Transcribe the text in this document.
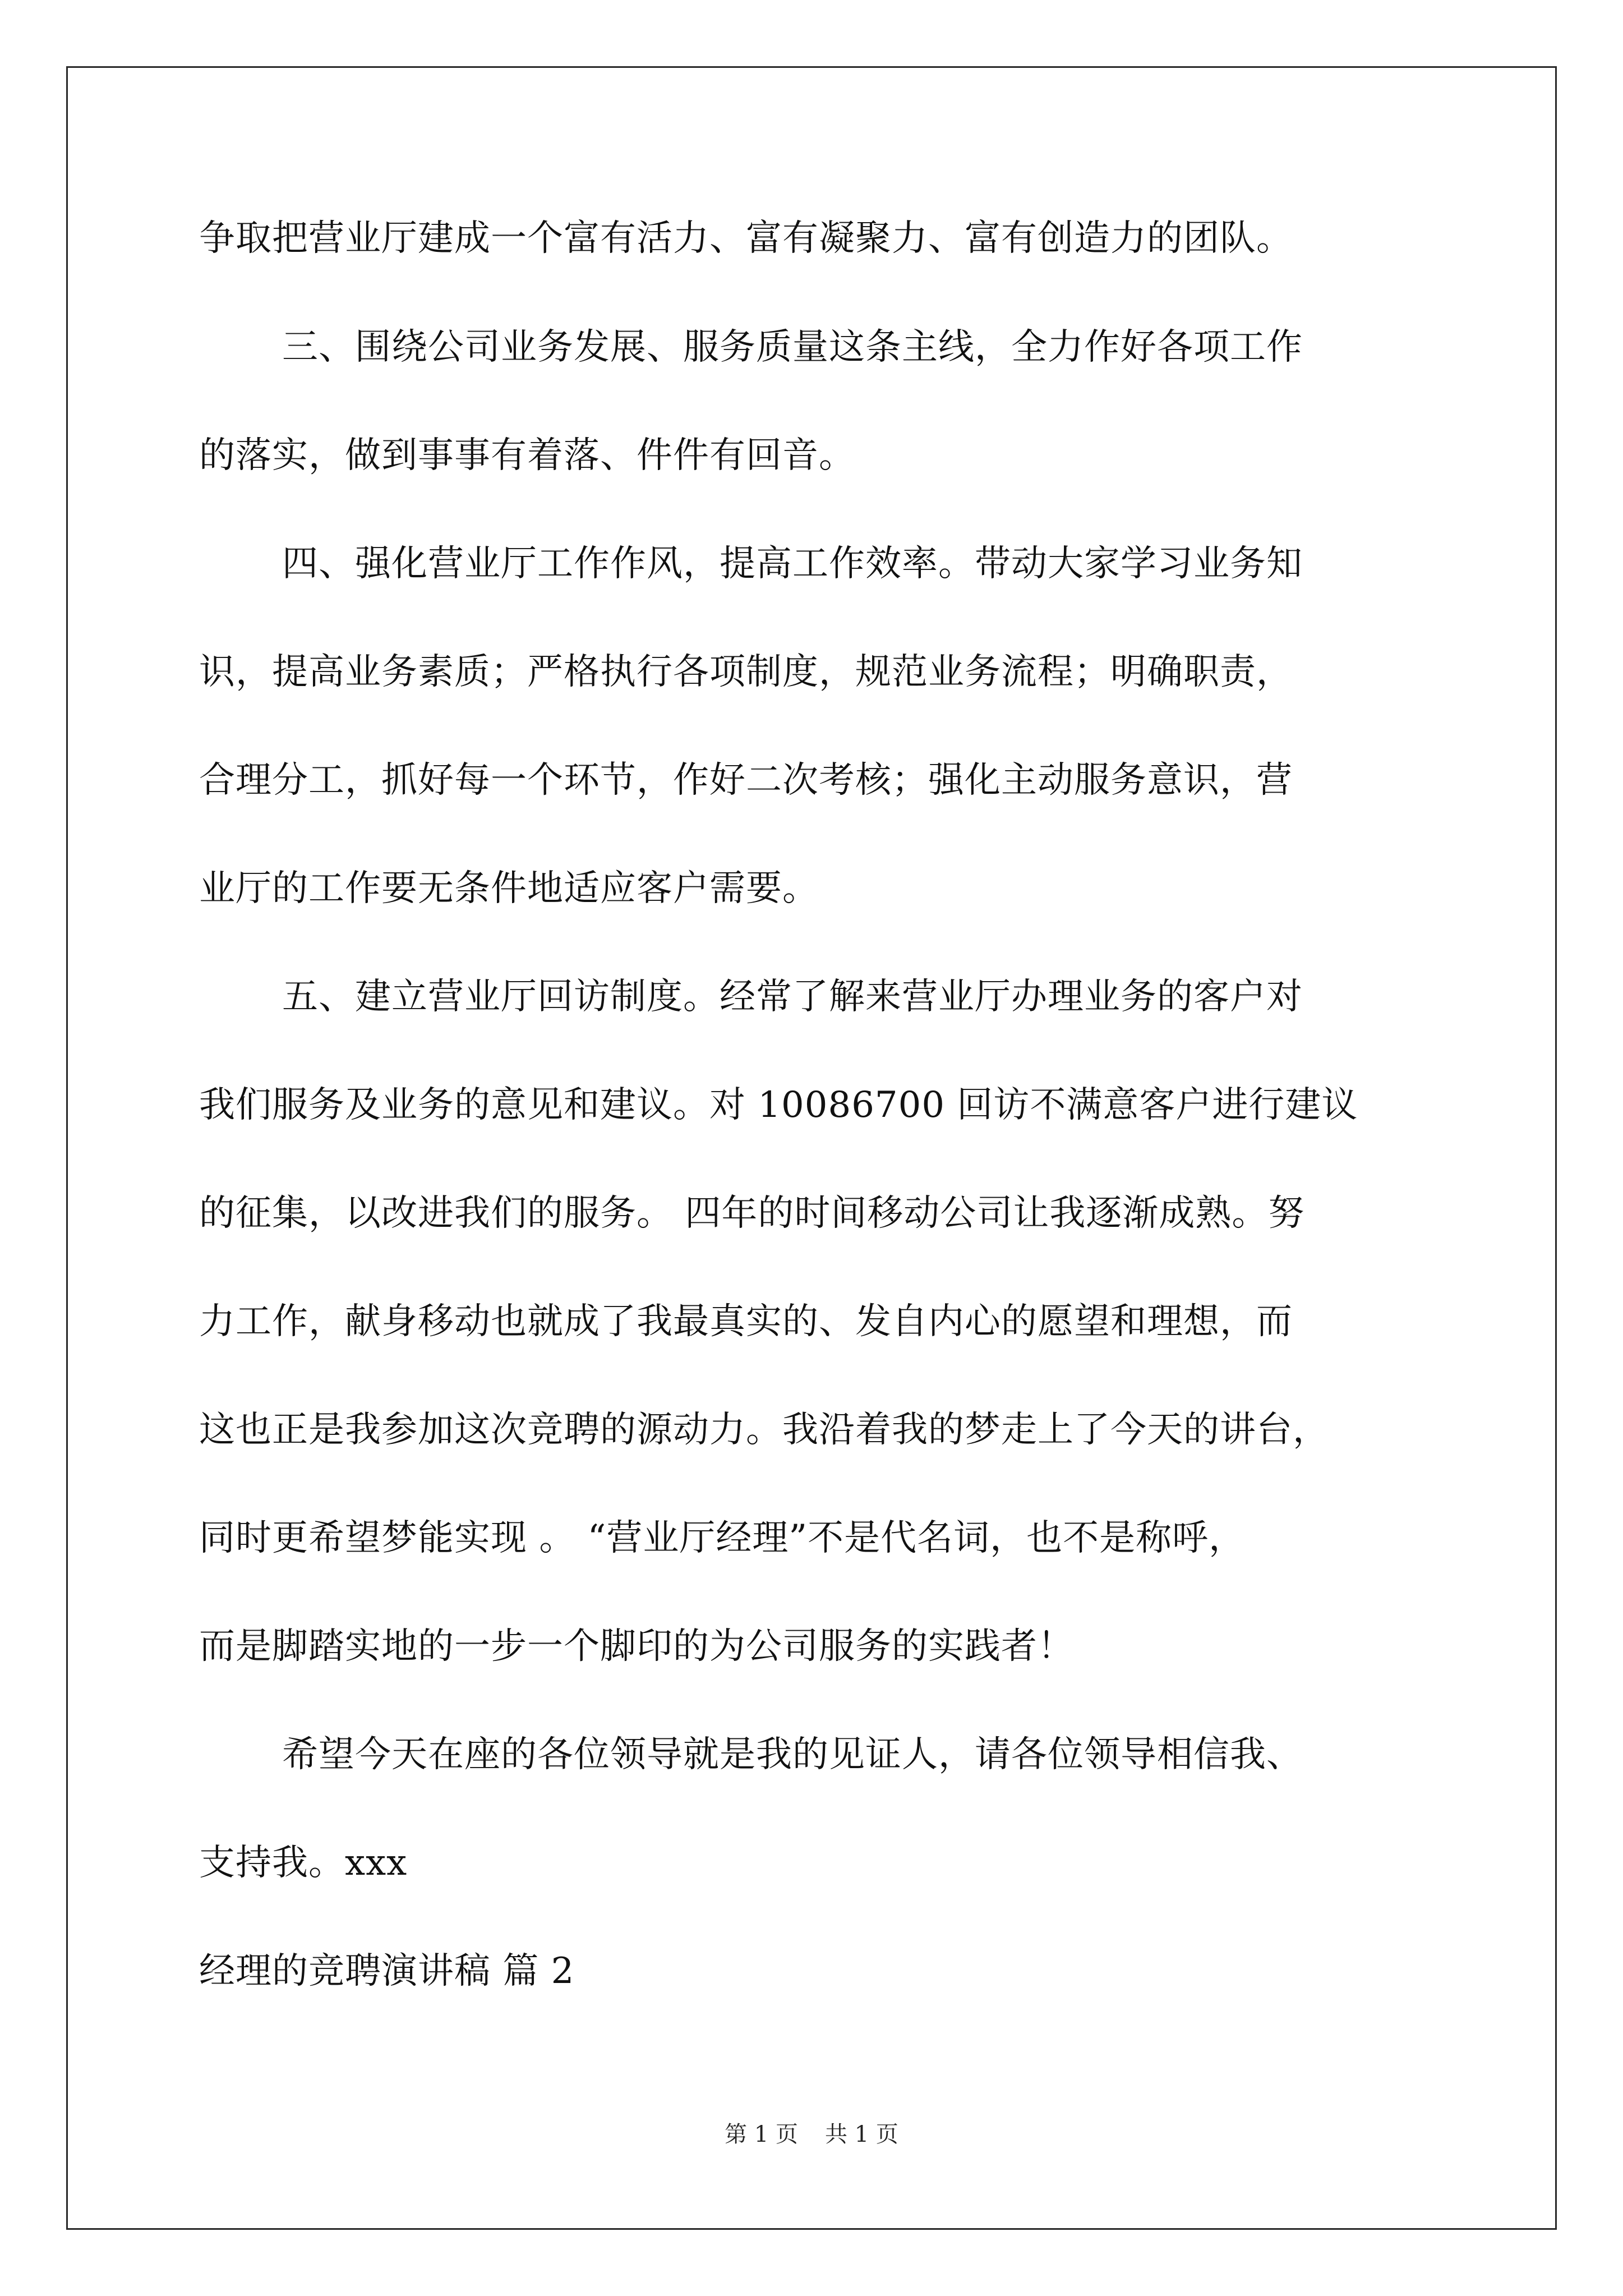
争取把营业厅建成一个富有活力、富有凝聚力、富有创造力的团队。
三、围绕公司业务发展、服务质量这条主线，全力作好各项工作
的落实，做到事事有着落、件件有回音。
四、强化营业厅工作作风，提高工作效率。带动大家学习业务知
识，提高业务素质；严格执行各项制度，规范业务流程；明确职责，
合理分工，抓好每一个环节，作好二次考核；强化主动服务意识，营
业厅的工作要无条件地适应客户需要。
五、建立营业厅回访制度。经常了解来营业厅办理业务的客户对
我们服务及业务的意见和建议。对 10086700 回访不满意客户进行建议
的征集，以改进我们的服务。 四年的时间移动公司让我逐渐成熟。努
力工作，献身移动也就成了我最真实的、发自内心的愿望和理想，而
这也正是我参加这次竞聘的源动力。我沿着我的梦走上了今天的讲台，
同时更希望梦能实现 。 “营业厅经理”不是代名词，也不是称呼，
而是脚踏实地的一步一个脚印的为公司服务的实践者！
希望今天在座的各位领导就是我的见证人，请各位领导相信我、
支持我。xxx
经理的竞聘演讲稿 篇 2
第 1 页 共 1 页
